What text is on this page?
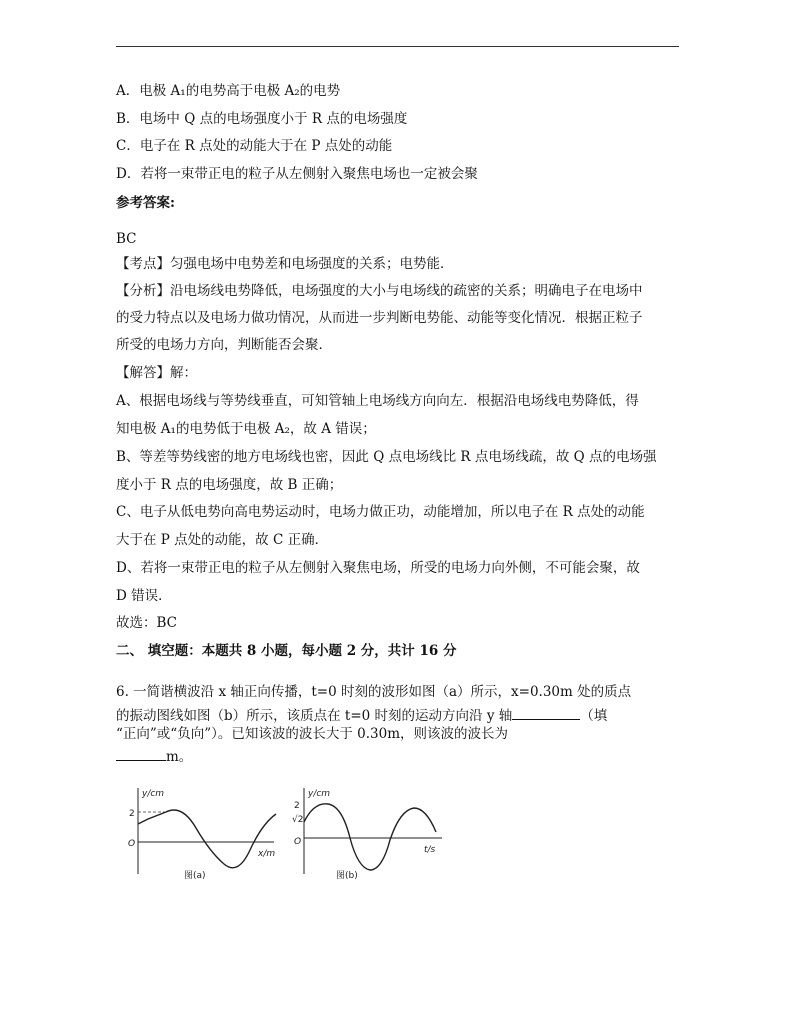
A．电极 A₁的电势高于电极 A₂的电势
B．电场中 Q 点的电场强度小于 R 点的电场强度
C．电子在 R 点处的动能大于在 P 点处的动能
D．若将一束带正电的粒子从左侧射入聚焦电场也一定被会聚
参考答案:
BC
【考点】匀强电场中电势差和电场强度的关系；电势能．
【分析】沿电场线电势降低，电场强度的大小与电场线的疏密的关系；明确电子在电场中
的受力特点以及电场力做功情况，从而进一步判断电势能、动能等变化情况．根据正粒子
所受的电场力方向，判断能否会聚．
【解答】解：
A、根据电场线与等势线垂直，可知管轴上电场线方向向左．根据沿电场线电势降低，得
知电极 A₁的电势低于电极 A₂，故 A 错误；
B、等差等势线密的地方电场线也密，因此 Q 点电场线比 R 点电场线疏，故 Q 点的电场强
度小于 R 点的电场强度，故 B 正确；
C、电子从低电势向高电势运动时，电场力做正功，动能增加，所以电子在 R 点处的动能
大于在 P 点处的动能，故 C 正确．
D、若将一束带正电的粒子从左侧射入聚焦电场，所受的电场力向外侧，不可能会聚，故
D 错误．
故选：BC
二、 填空题：本题共 8 小题，每小题 2 分，共计 16 分
6. 一简谐横波沿 x 轴正向传播，t=0 时刻的波形如图（a）所示，x=0.30m 处的质点
的振动图线如图（b）所示，该质点在 t=0 时刻的运动方向沿 y 轴	（填
“正向”或“负向”）。已知该波的波长大于 0.30m，则该波的波长为
m。
y/cm
2
O
x/m
图(a)
y/cm
2
√2
O
t/s
图(b)
